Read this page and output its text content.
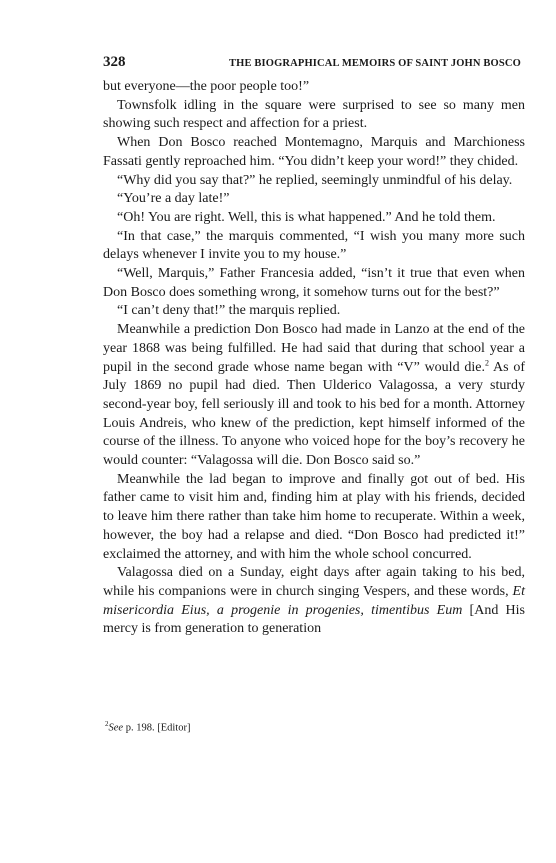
328	THE BIOGRAPHICAL MEMOIRS OF SAINT JOHN BOSCO

but everyone—the poor people too!”

Townsfolk idling in the square were surprised to see so many men showing such respect and affection for a priest.

When Don Bosco reached Montemagno, Marquis and Marchioness Fassati gently reproached him. “You didn’t keep your word!” they chided.

“Why did you say that?” he replied, seemingly unmindful of his delay.

“You’re a day late!”

“Oh! You are right. Well, this is what happened.” And he told them.

“In that case,” the marquis commented, “I wish you many more such delays whenever I invite you to my house.”

“Well, Marquis,” Father Francesia added, “isn’t it true that even when Don Bosco does something wrong, it somehow turns out for the best?”

“I can’t deny that!” the marquis replied.

Meanwhile a prediction Don Bosco had made in Lanzo at the end of the year 1868 was being fulfilled. He had said that during that school year a pupil in the second grade whose name began with “V” would die.$^2$ As of July 1869 no pupil had died. Then Ulderico Valagossa, a very sturdy second-year boy, fell seriously ill and took to his bed for a month. Attorney Louis Andreis, who knew of the prediction, kept himself informed of the course of the illness. To anyone who voiced hope for the boy’s recovery he would counter: “Valagossa will die. Don Bosco said so.”

Meanwhile the lad began to improve and finally got out of bed. His father came to visit him and, finding him at play with his friends, decided to leave him there rather than take him home to recuperate. Within a week, however, the boy had a relapse and died. “Don Bosco had predicted it!” exclaimed the attorney, and with him the whole school concurred.

Valagossa died on a Sunday, eight days after again taking to his bed, while his companions were in church singing Vespers, and these words, Et misericordia Eius, a progenie in progenies, timentibus Eum [And His mercy is from generation to generation

$^2$See p. 198. [Editor]
